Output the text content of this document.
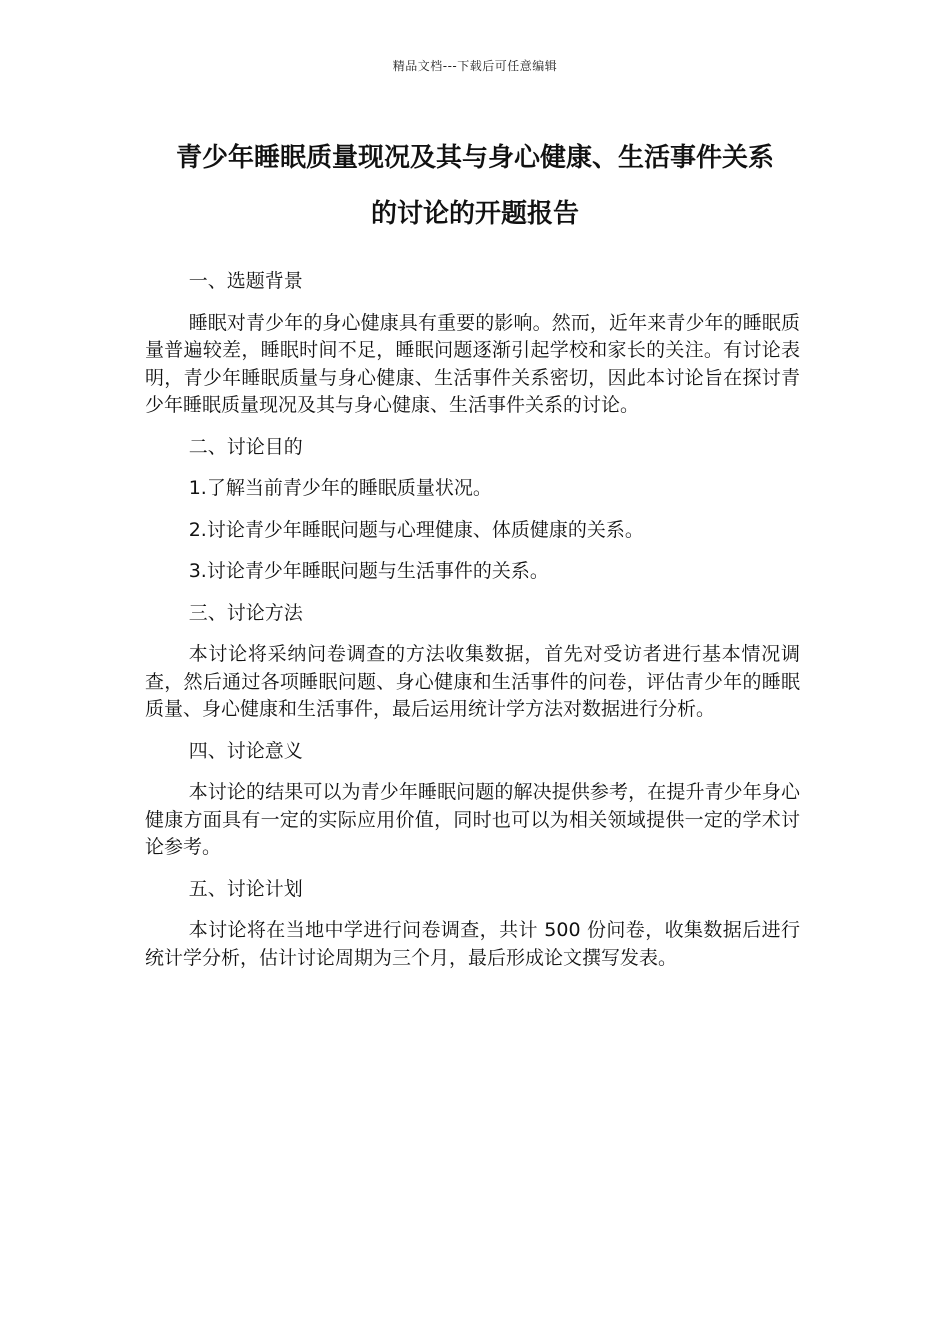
精品文档---下载后可任意编辑
青少年睡眠质量现况及其与身心健康、生活事件关系
的讨论的开题报告

一、选题背景

睡眠对青少年的身心健康具有重要的影响。然而，近年来青少年的睡眠质量普遍较差，睡眠时间不足，睡眠问题逐渐引起学校和家长的关注。有讨论表明，青少年睡眠质量与身心健康、生活事件关系密切，因此本讨论旨在探讨青少年睡眠质量现况及其与身心健康、生活事件关系的讨论。

二、讨论目的

1.了解当前青少年的睡眠质量状况。

2.讨论青少年睡眠问题与心理健康、体质健康的关系。

3.讨论青少年睡眠问题与生活事件的关系。

三、讨论方法

本讨论将采纳问卷调查的方法收集数据，首先对受访者进行基本情况调查，然后通过各项睡眠问题、身心健康和生活事件的问卷，评估青少年的睡眠质量、身心健康和生活事件，最后运用统计学方法对数据进行分析。

四、讨论意义

本讨论的结果可以为青少年睡眠问题的解决提供参考，在提升青少年身心健康方面具有一定的实际应用价值，同时也可以为相关领域提供一定的学术讨论参考。

五、讨论计划

本讨论将在当地中学进行问卷调查，共计 500 份问卷，收集数据后进行统计学分析，估计讨论周期为三个月，最后形成论文撰写发表。
